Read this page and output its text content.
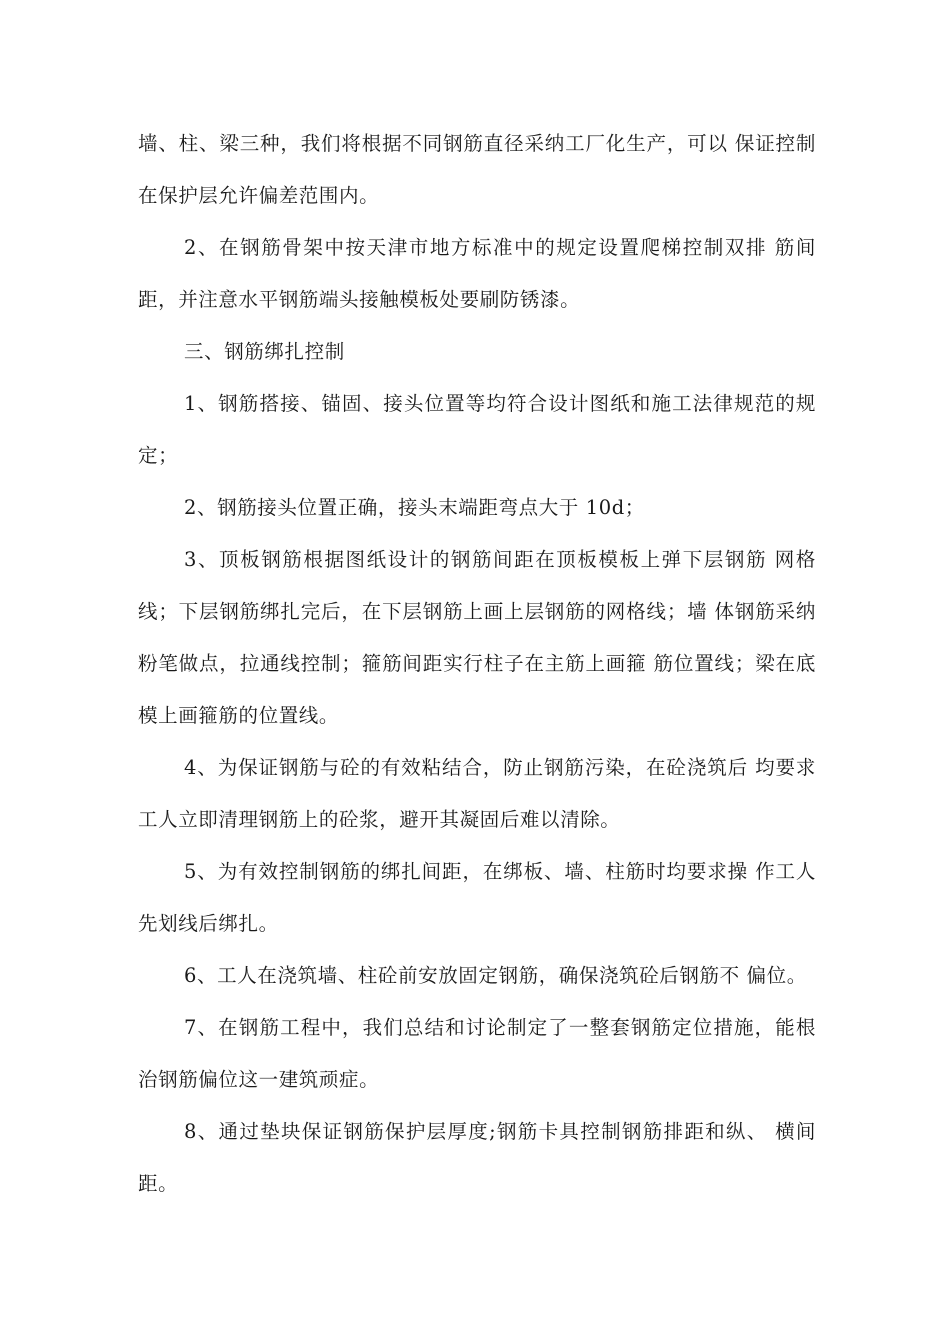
墙、柱、梁三种，我们将根据不同钢筋直径采纳工厂化生产，可以 保证控制在保护层允许偏差范围内。

2、在钢筋骨架中按天津市地方标准中的规定设置爬梯控制双排 筋间距，并注意水平钢筋端头接触模板处要刷防锈漆。

三、钢筋绑扎控制

1、钢筋搭接、锚固、接头位置等均符合设计图纸和施工法律规范的规定；

2、钢筋接头位置正确，接头末端距弯点大于 10d；

3、顶板钢筋根据图纸设计的钢筋间距在顶板模板上弹下层钢筋 网格线；下层钢筋绑扎完后，在下层钢筋上画上层钢筋的网格线；墙 体钢筋采纳粉笔做点，拉通线控制；箍筋间距实行柱子在主筋上画箍 筋位置线；梁在底模上画箍筋的位置线。

4、为保证钢筋与砼的有效粘结合，防止钢筋污染，在砼浇筑后 均要求工人立即清理钢筋上的砼浆，避开其凝固后难以清除。

5、为有效控制钢筋的绑扎间距，在绑板、墙、柱筋时均要求操 作工人先划线后绑扎。

6、工人在浇筑墙、柱砼前安放固定钢筋，确保浇筑砼后钢筋不 偏位。

7、在钢筋工程中，我们总结和讨论制定了一整套钢筋定位措施，能根治钢筋偏位这一建筑顽症。

8、通过垫块保证钢筋保护层厚度;钢筋卡具控制钢筋排距和纵、 横间距。
